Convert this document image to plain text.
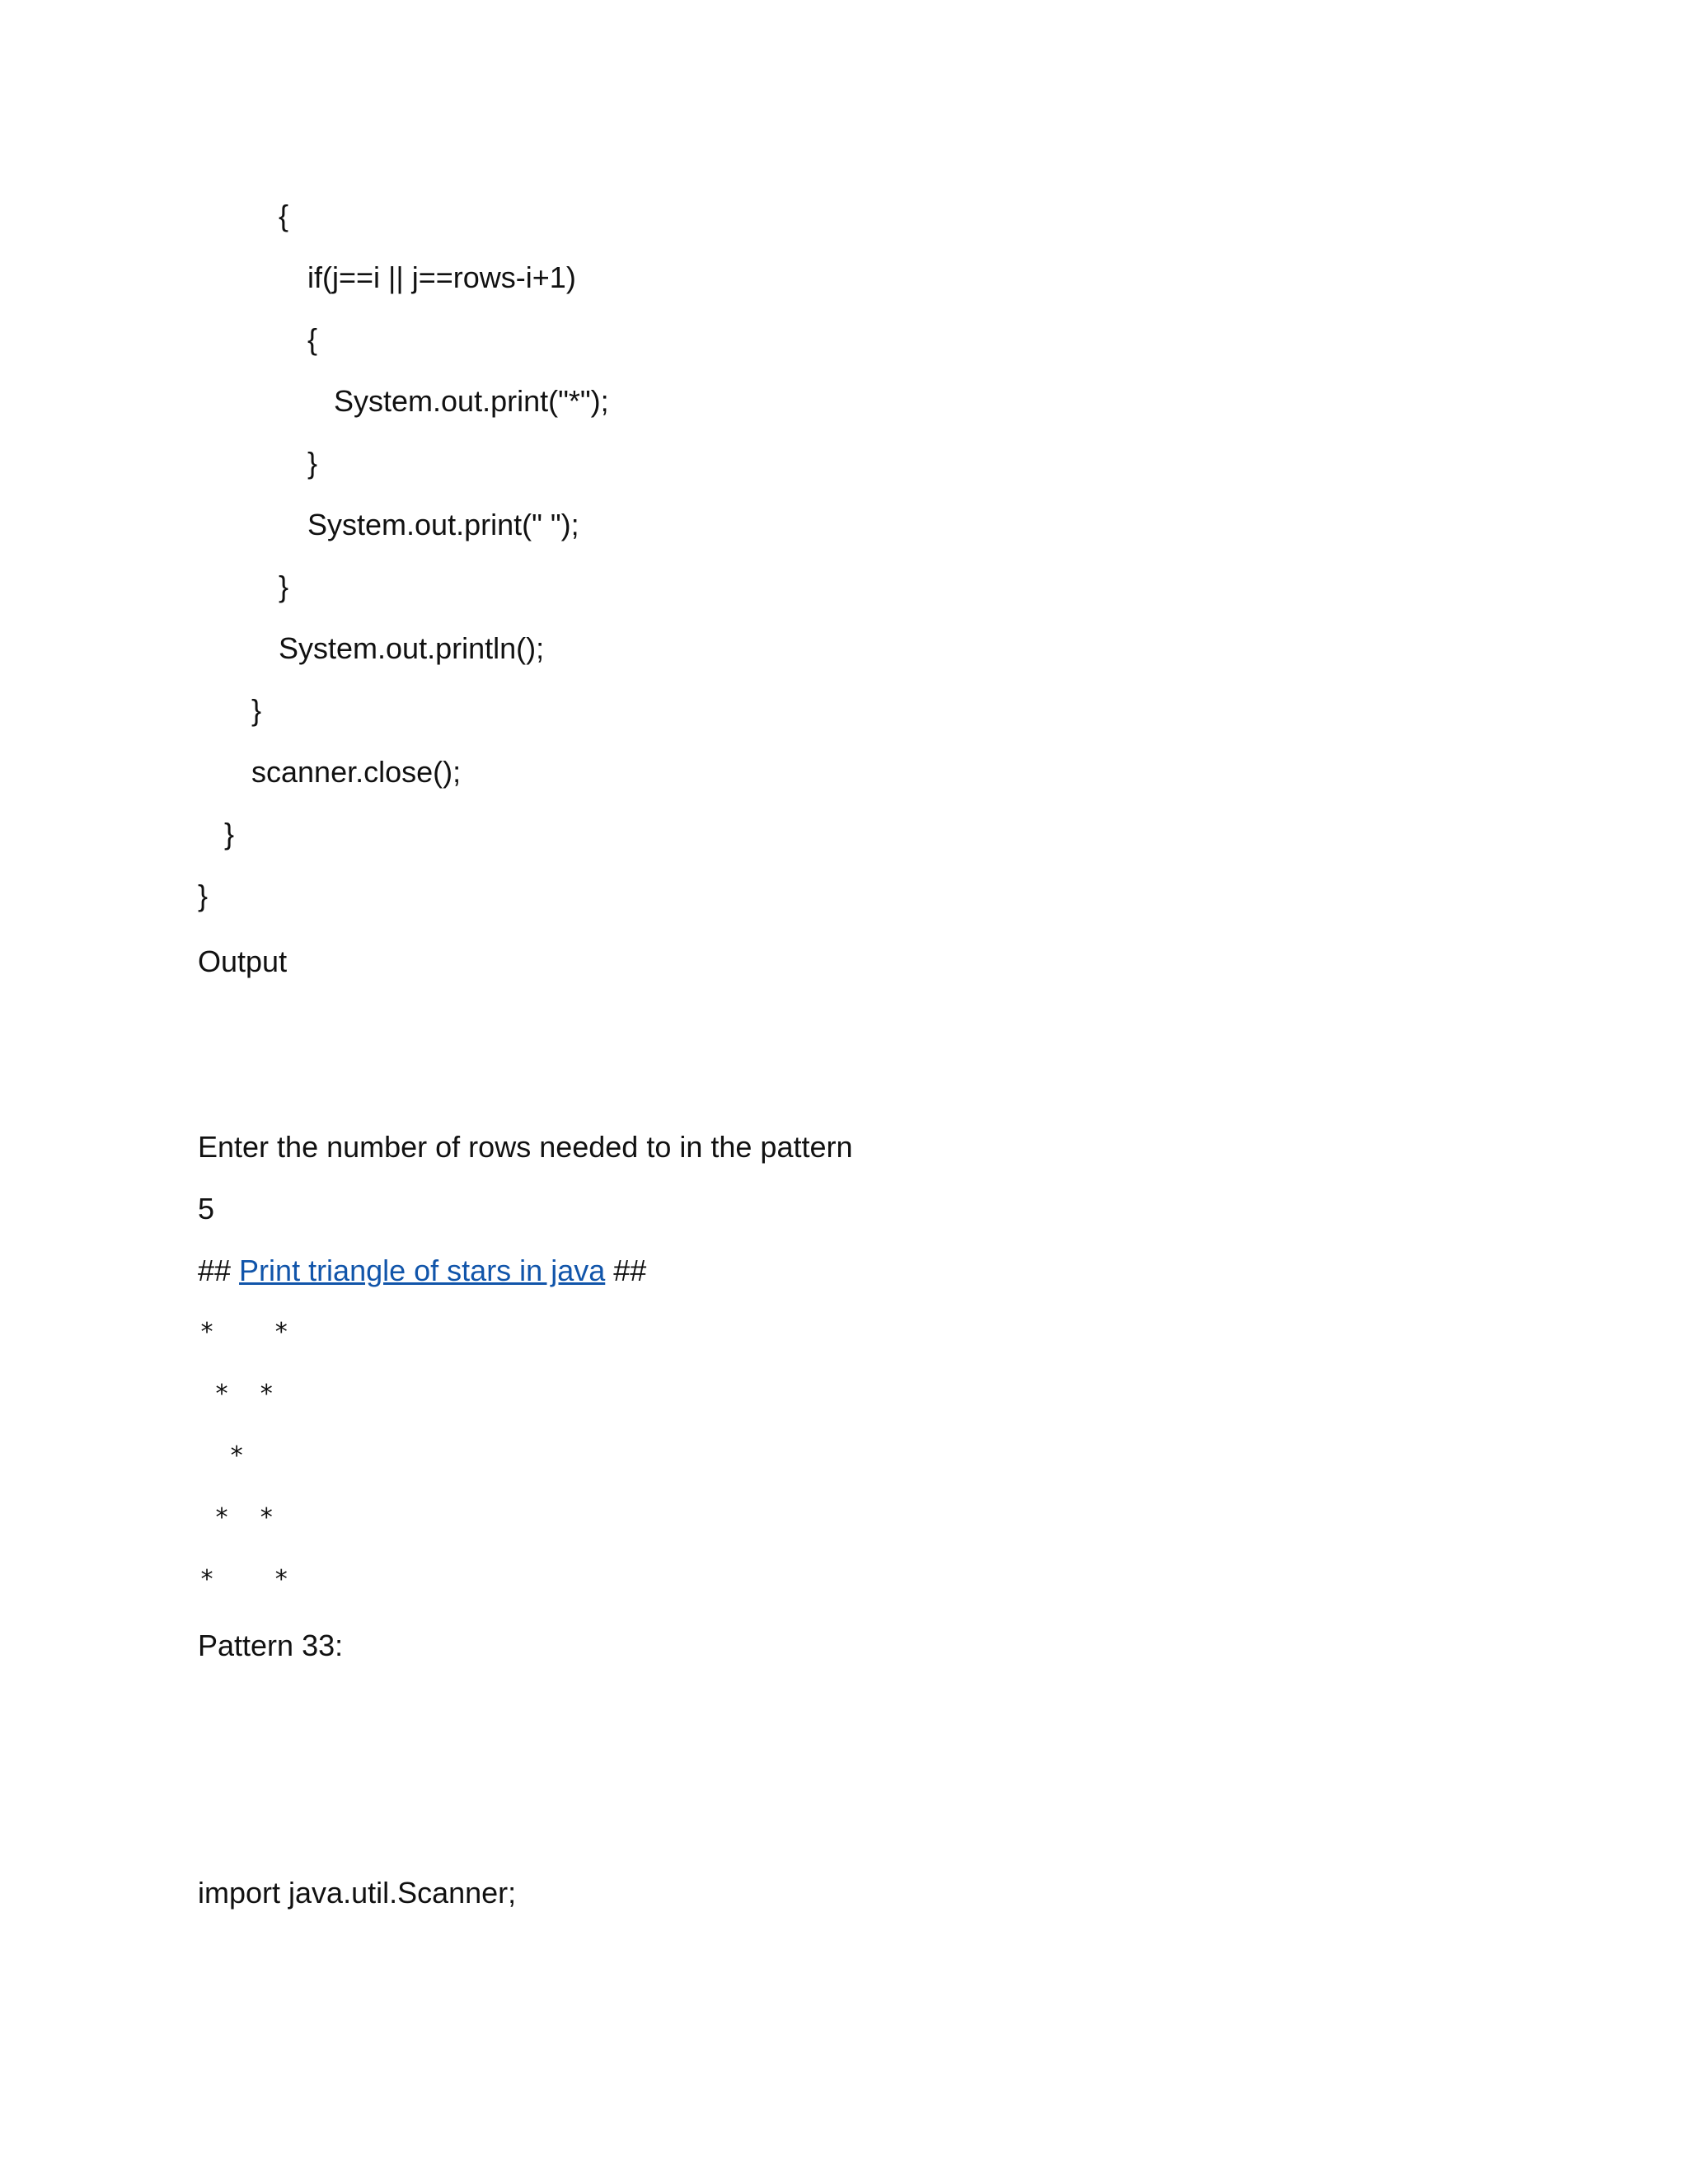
{
if(j==i || j==rows-i+1)
{
System.out.print("*");
}
System.out.print(" ");
}
System.out.println();
}
scanner.close();
}
}
Output
Enter the number of rows needed to in the pattern
5
## Print triangle of stars in java ##
*    *
*  *
*
*  *
*    *
Pattern 33:
import java.util.Scanner;
